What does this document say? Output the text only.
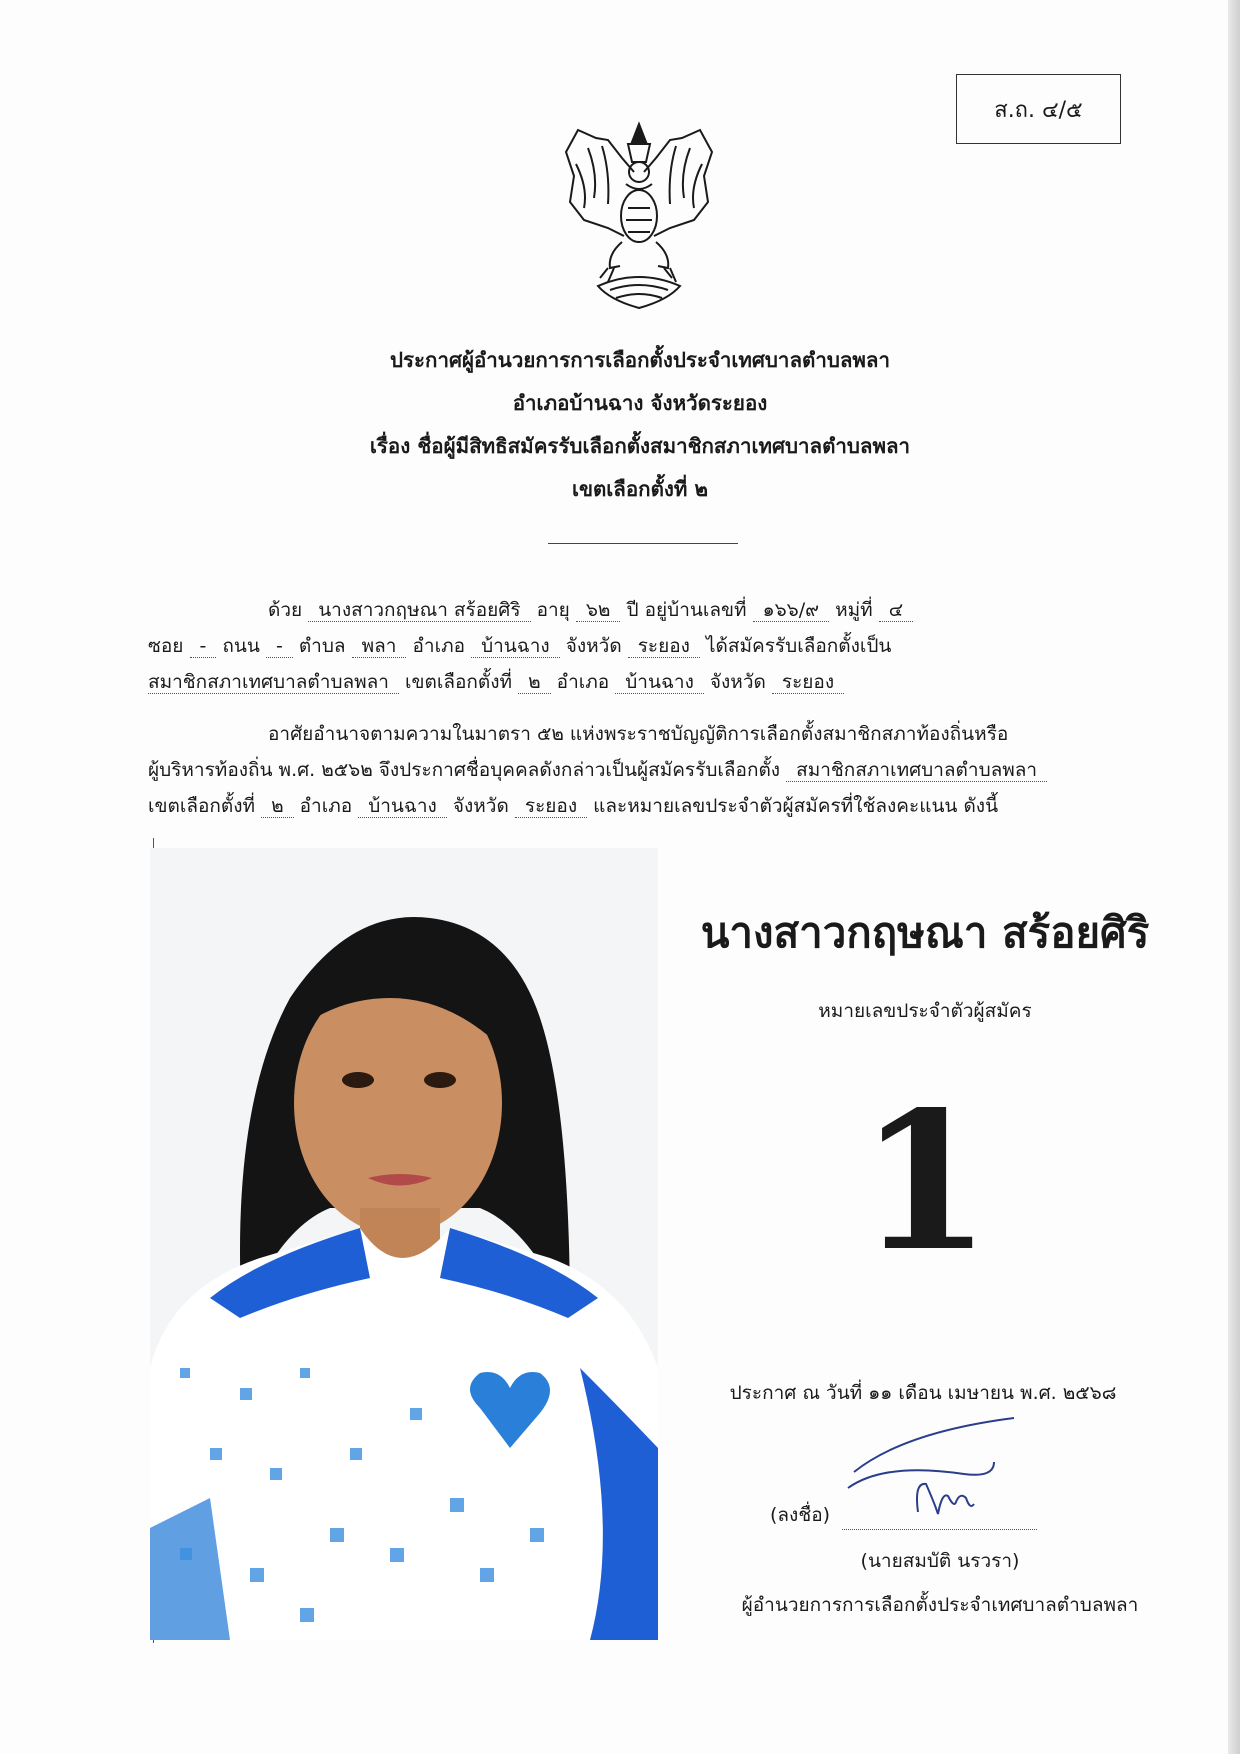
ส.ถ. ๔/๕
ประกาศผู้อำนวยการการเลือกตั้งประจำเทศบาลตำบลพลา
อำเภอบ้านฉาง จังหวัดระยอง
เรื่อง ชื่อผู้มีสิทธิสมัครรับเลือกตั้งสมาชิกสภาเทศบาลตำบลพลา
เขตเลือกตั้งที่ ๒
ด้วย นางสาวกฤษณา สร้อยศิริ อายุ ๖๒ ปี อยู่บ้านเลขที่ ๑๖๖/๙ หมู่ที่ ๔
ซอย - ถนน - ตำบล พลา อำเภอ บ้านฉาง จังหวัด ระยอง ได้สมัครรับเลือกตั้งเป็น
สมาชิกสภาเทศบาลตำบลพลา เขตเลือกตั้งที่ ๒ อำเภอ บ้านฉาง จังหวัด ระยอง
อาศัยอำนาจตามความในมาตรา ๕๒ แห่งพระราชบัญญัติการเลือกตั้งสมาชิกสภาท้องถิ่นหรือ
ผู้บริหารท้องถิ่น พ.ศ. ๒๕๖๒ จึงประกาศชื่อบุคคลดังกล่าวเป็นผู้สมัครรับเลือกตั้ง สมาชิกสภาเทศบาลตำบลพลา
เขตเลือกตั้งที่ ๒ อำเภอ บ้านฉาง จังหวัด ระยอง และหมายเลขประจำตัวผู้สมัครที่ใช้ลงคะแนน ดังนี้
นางสาวกฤษณา สร้อยศิริ
หมายเลขประจำตัวผู้สมัคร
1
ประกาศ ณ วันที่ ๑๑ เดือน เมษายน พ.ศ. ๒๕๖๘
(ลงชื่อ)
(นายสมบัติ นรวรา)
ผู้อำนวยการการเลือกตั้งประจำเทศบาลตำบลพลา
